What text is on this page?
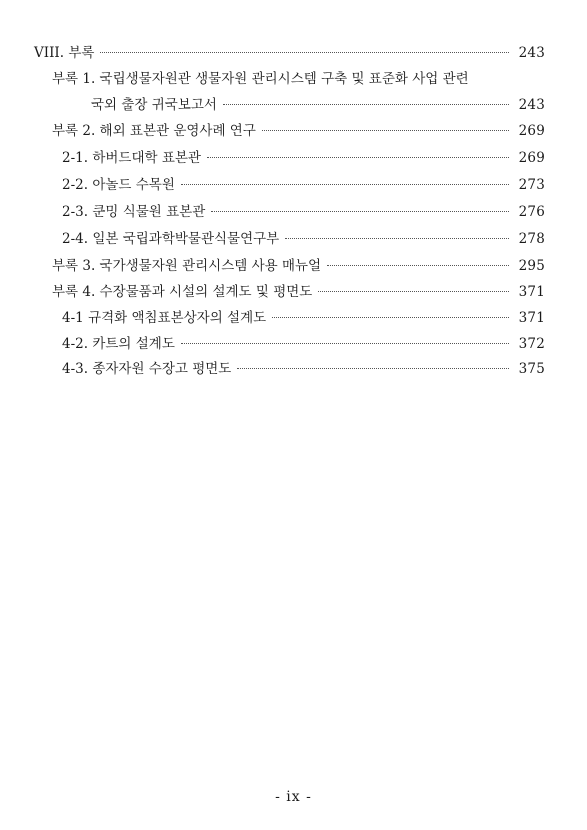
VIII. 부록	243
부록 1. 국립생물자원관 생물자원 관리시스템 구축 및 표준화 사업 관련
국외 출장 귀국보고서	243
부록 2. 해외 표본관 운영사례 연구	269
2-1. 하버드대학 표본관	269
2-2. 아놀드 수목원	273
2-3. 쿤밍 식물원 표본관	276
2-4. 일본 국립과학박물관식물연구부	278
부록 3. 국가생물자원 관리시스템 사용 매뉴얼	295
부록 4. 수장물품과 시설의 설계도 및 평면도	371
4-1 규격화 액침표본상자의 설계도	371
4-2. 카트의 설계도	372
4-3. 종자자원 수장고 평면도	375
- ix -
